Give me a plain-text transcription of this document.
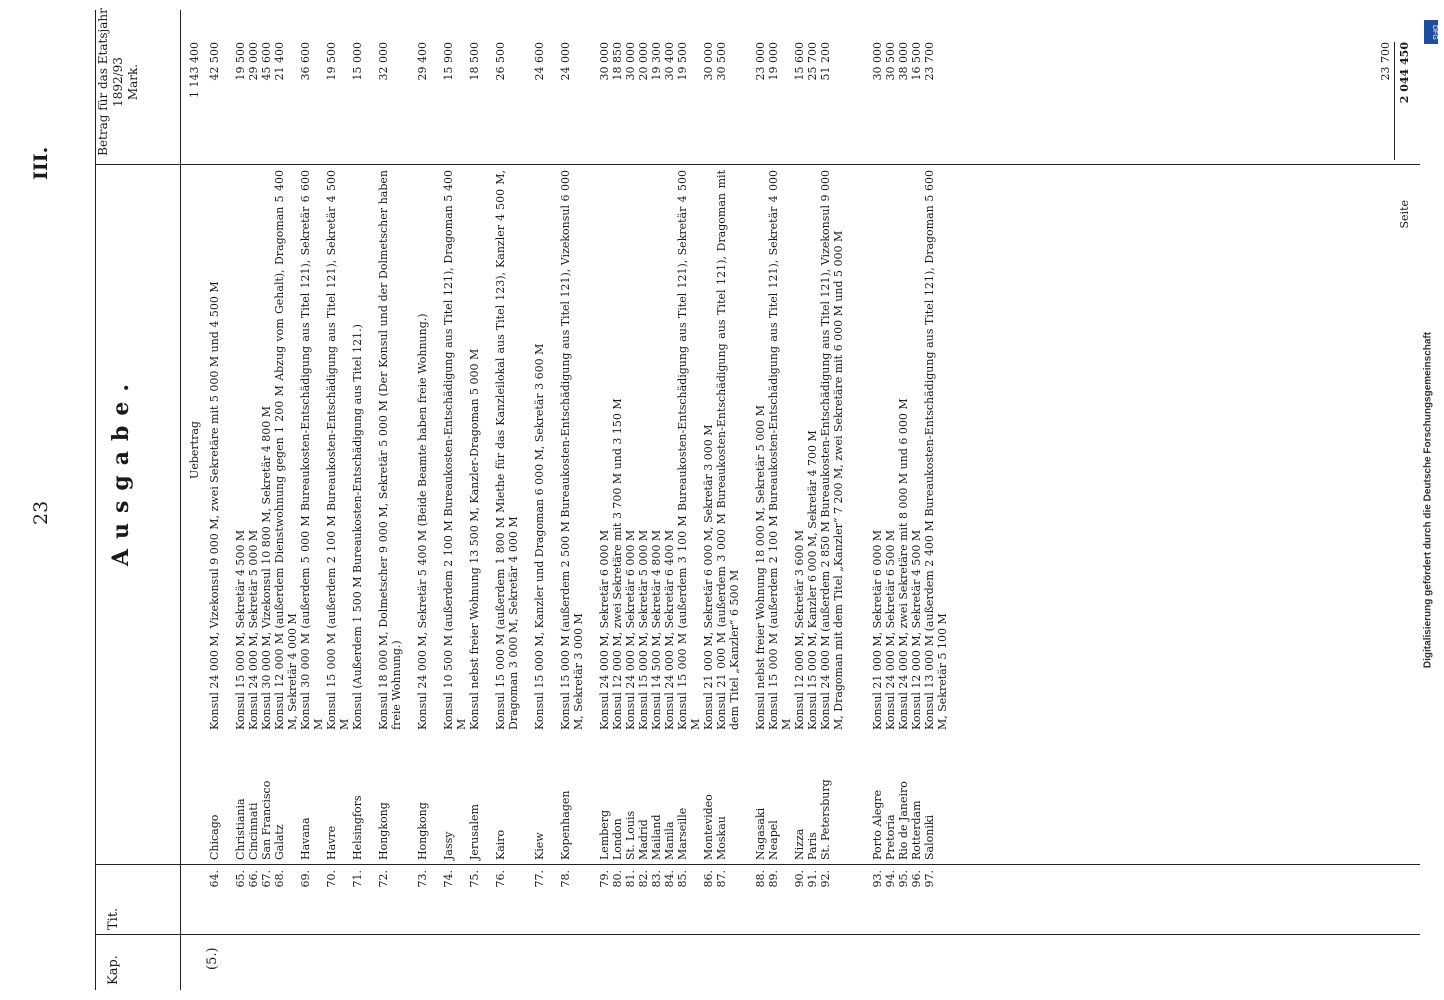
23
III.
Kap.
Tit.
Ausgabe.
Betrag für das Etatsjahr 1892/93 Mark.
(5.)
Uebertrag
1 143 400
64.
Chicago
Konsul 24 000 M, Vizekonsul 9 000 M, zwei Sekretäre mit 5 000 M und 4 500 M
42 500
65.
Christiania
Konsul 15 000 M, Sekretär 4 500 M
19 500
66.
Cincinnati
Konsul 24 000 M, Sekretär 5 000 M
29 000
67.
San Francisco
Konsul 30 000 M, Vizekonsul 10 800 M, Sekretär 4 800 M
45 600
68.
Galatz
Konsul 12 000 M (außerdem Dienstwohnung gegen 1 200 M Abzug vom Gehalt), Dragoman 5 400 M, Sekretär 4 000 M
21 400
69.
Havana
Konsul 30 000 M (außerdem 5 000 M Bureaukosten-Entschädigung aus Titel 121), Sekretär 6 600 M
36 600
70.
Havre
Konsul 15 000 M (außerdem 2 100 M Bureaukosten-Entschädigung aus Titel 121), Sekretär 4 500 M
19 500
71.
Helsingfors
Konsul (Außerdem 1 500 M Bureaukosten-Entschädigung aus Titel 121.)
15 000
72.
Hongkong
Konsul 18 000 M, Dolmetscher 9 000 M, Sekretär 5 000 M (Der Konsul und der Dolmetscher haben freie Wohnung.)
32 000
73.
Hongkong
Konsul 24 000 M, Sekretär 5 400 M (Beide Beamte haben freie Wohnung.)
29 400
74.
Jassy
Konsul 10 500 M (außerdem 2 100 M Bureaukosten-Entschädigung aus Titel 121), Dragoman 5 400 M
15 900
75.
Jerusalem
Konsul nebst freier Wohnung 13 500 M, Kanzler-Dragoman 5 000 M
18 500
76.
Kairo
Konsul 15 000 M (außerdem 1 800 M Miethe für das Kanzleilokal aus Titel 123), Kanzler 4 500 M, Dragoman 3 000 M, Sekretär 4 000 M
26 500
77.
Kiew
Konsul 15 000 M, Kanzler und Dragoman 6 000 M, Sekretär 3 600 M
24 600
78.
Kopenhagen
Konsul 15 000 M (außerdem 2 500 M Bureaukosten-Entschädigung aus Titel 121), Vizekonsul 6 000 M, Sekretär 3 000 M
24 000
79.
Lemberg
Konsul 24 000 M, Sekretär 6 000 M
30 000
80.
London
Konsul 12 000 M, zwei Sekretäre mit 3 700 M und 3 150 M
18 850
81.
St. Louis
Konsul 24 000 M, Sekretär 6 000 M
30 000
82.
Madrid
Konsul 15 000 M, Sekretär 5 000 M
20 000
83.
Mailand
Konsul 14 500 M, Sekretär 4 800 M
19 300
84.
Manila
Konsul 24 000 M, Sekretär 6 400 M
30 400
85.
Marseille
Konsul 15 000 M (außerdem 3 100 M Bureaukosten-Entschädigung aus Titel 121), Sekretär 4 500 M
19 500
86.
Montevideo
Konsul 21 000 M, Sekretär 6 000 M, Sekretär 3 000 M
30 000
87.
Moskau
Konsul 21 000 M (außerdem 3 000 M Bureaukosten-Entschädigung aus Titel 121), Dragoman mit dem Titel „Kanzler“ 6 500 M
30 500
88.
Nagasaki
Konsul nebst freier Wohnung 18 000 M, Sekretär 5 000 M
23 000
89.
Neapel
Konsul 15 000 M (außerdem 2 100 M Bureaukosten-Entschädigung aus Titel 121), Sekretär 4 000 M
19 000
90.
Nizza
Konsul 12 000 M, Sekretär 3 600 M
15 600
91.
Paris
Konsul 15 000 M, Kanzler 6 000 M, Sekretär 4 700 M
25 700
92.
St. Petersburg
Konsul 24 000 M (außerdem 2 850 M Bureaukosten-Entschädigung aus Titel 121), Vizekonsul 9 000 M, Dragoman mit dem Titel „Kanzler“ 7 200 M, zwei Sekretäre mit 6 000 M und 5 000 M
51 200
93.
Porto Alegre
Konsul 21 000 M, Sekretär 6 000 M
30 000
94.
Pretoria
Konsul 24 000 M, Sekretär 6 500 M
30 500
95.
Rio de Janeiro
Konsul 24 000 M, zwei Sekretäre mit 8 000 M und 6 000 M
38 000
96.
Rotterdam
Konsul 12 000 M, Sekretär 4 500 M
16 500
97.
Saloniki
Konsul 13 000 M (außerdem 2 400 M Bureaukosten-Entschädigung aus Titel 121), Dragoman 5 600 M, Sekretär 5 100 M
23 700	23 700
Seite
2 044 450
DFG
Digitalisierung gefördert durch die Deutsche Forschungsgemeinschaft
